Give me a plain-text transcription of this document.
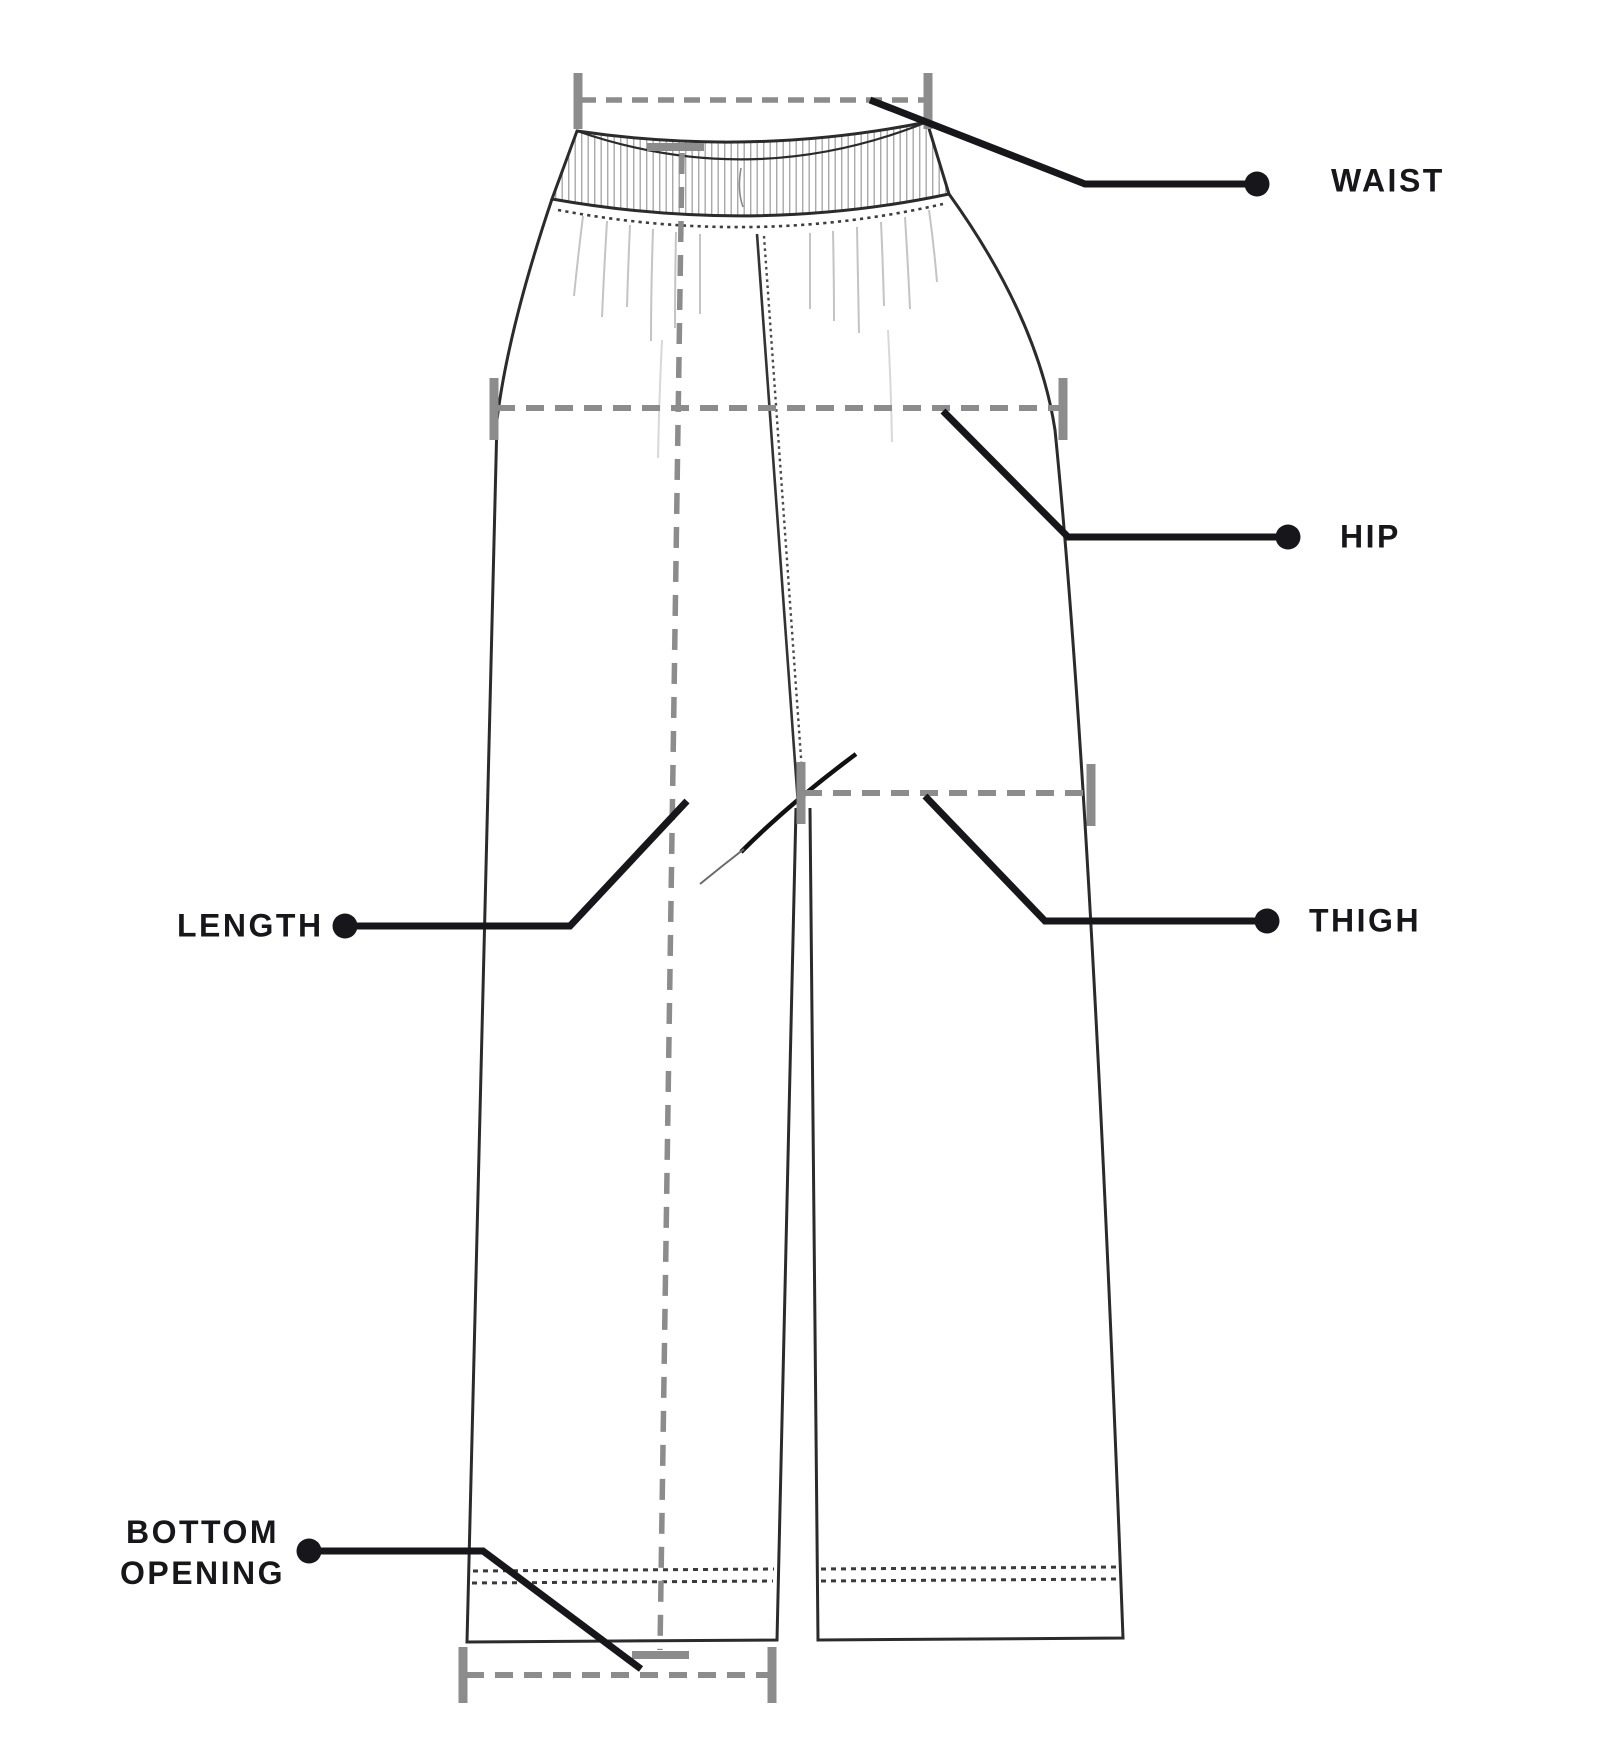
WAIST
HIP
THIGH
LENGTH
BOTTOM
OPENING
